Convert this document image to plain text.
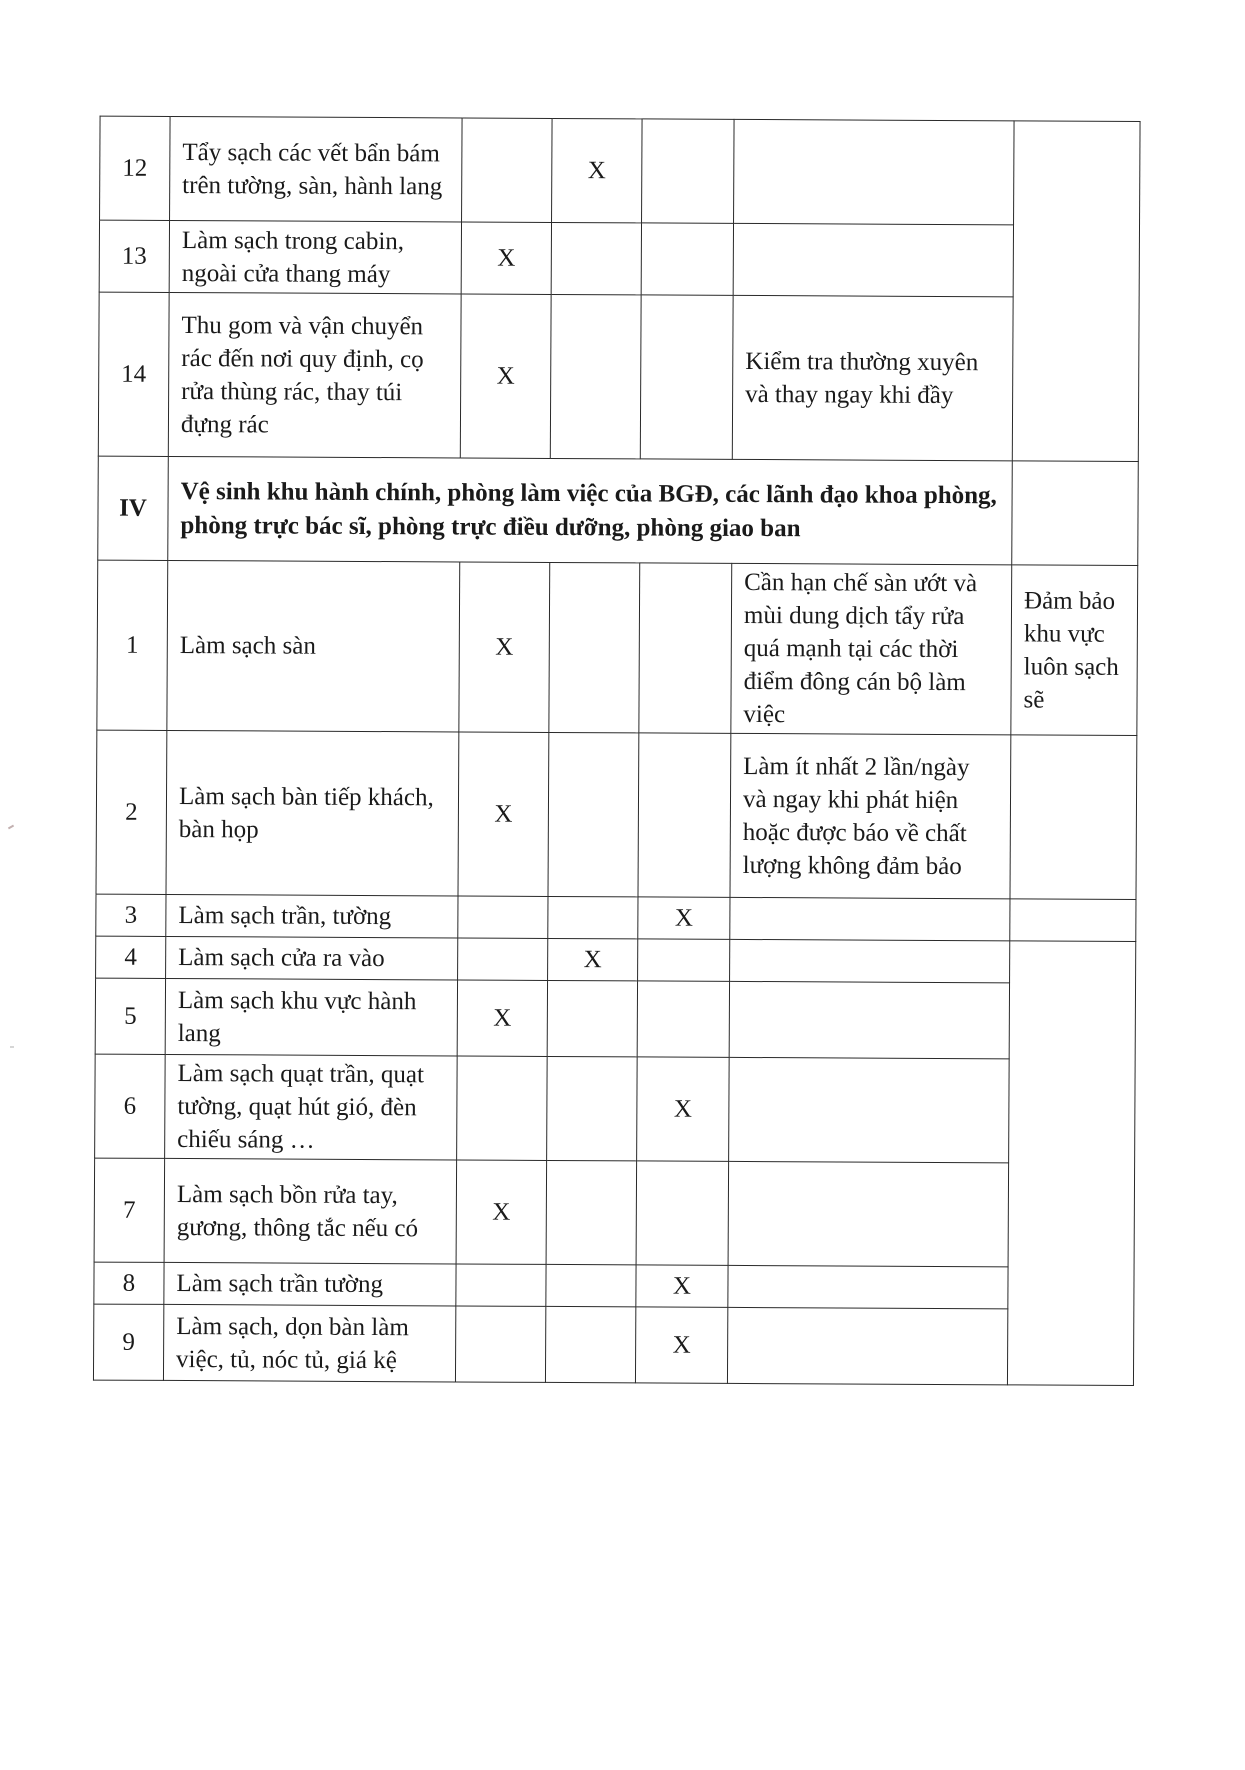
12	Tẩy sạch các vết bẩn bám trên tường, sàn, hành lang		X			
13	Làm sạch trong cabin, ngoài cửa thang máy	X				
14	Thu gom và vận chuyển rác đến nơi quy định, cọ rửa thùng rác, thay túi đựng rác	X			Kiểm tra thường xuyên và thay ngay khi đầy	
IV	Vệ sinh khu hành chính, phòng làm việc của BGĐ, các lãnh đạo khoa phòng, phòng trực bác sĩ, phòng trực điều dưỡng, phòng giao ban					
1	Làm sạch sàn	X			Cần hạn chế sàn ướt và mùi dung dịch tẩy rửa quá mạnh tại các thời điểm đông cán bộ làm việc	Đảm bảo khu vực luôn sạch sẽ
2	Làm sạch bàn tiếp khách, bàn họp	X			Làm ít nhất 2 lần/ngày và ngay khi phát hiện hoặc được báo về chất lượng không đảm bảo	
3	Làm sạch trần, tường			X		
4	Làm sạch cửa ra vào		X			
5	Làm sạch khu vực hành lang	X				
6	Làm sạch quạt trần, quạt tường, quạt hút gió, đèn chiếu sáng …			X		
7	Làm sạch bồn rửa tay, gương, thông tắc nếu có	X				
8	Làm sạch trần tường			X		
9	Làm sạch, dọn bàn làm việc, tủ, nóc tủ, giá kệ			X		
